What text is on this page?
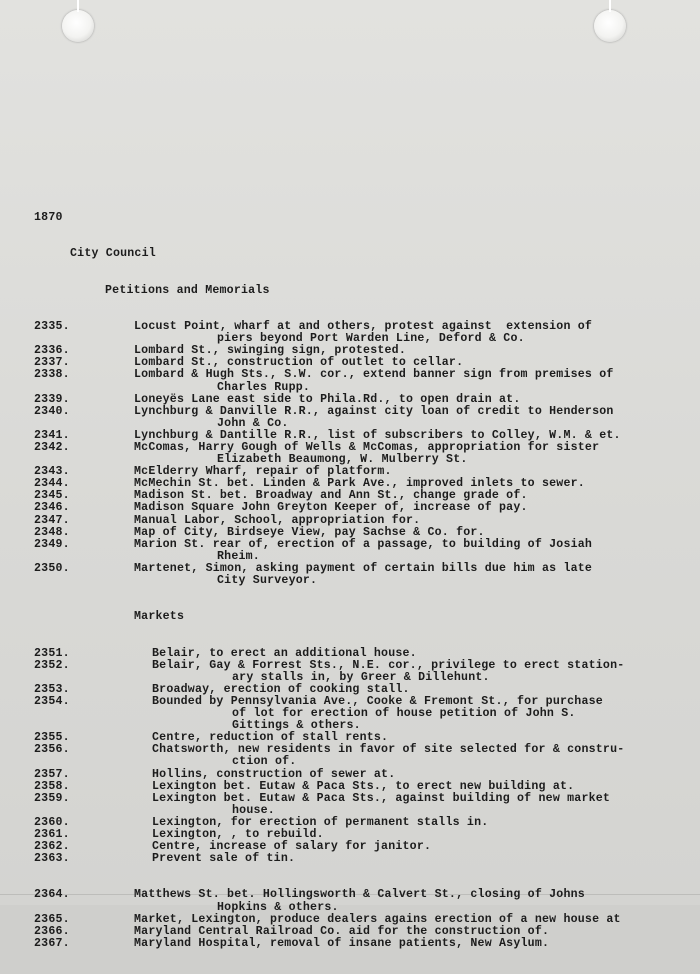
1870

City Council

Petitions and Memorials

2335.	Locust Point, wharf at and others, protest against  extension of
piers beyond Port Warden Line, Deford & Co.
2336.	Lombard St., swinging sign, protested.
2337.	Lombard St., construction of outlet to cellar.
2338.	Lombard & Hugh Sts., S.W. cor., extend banner sign from premises of
Charles Rupp.
2339.	Loneyës Lane east side to Phila.Rd., to open drain at.
2340.	Lynchburg & Danville R.R., against city loan of credit to Henderson
John & Co.
2341.	Lynchburg & Dantille R.R., list of subscribers to Colley, W.M. & et.
2342.	McComas, Harry Gough of Wells & McComas, appropriation for sister
Elizabeth Beaumong, W. Mulberry St.
2343.	McElderry Wharf, repair of platform.
2344.	McMechin St. bet. Linden & Park Ave., improved inlets to sewer.
2345.	Madison St. bet. Broadway and Ann St., change grade of.
2346.	Madison Square John Greyton Keeper of, increase of pay.
2347.	Manual Labor, School, appropriation for.
2348.	Map of City, Birdseye View, pay Sachse & Co. for.
2349.	Marion St. rear of, erection of a passage, to building of Josiah
Rheim.
2350.	Martenet, Simon, asking payment of certain bills due him as late
City Surveyor.

Markets

2351.	Belair, to erect an additional house.
2352.	Belair, Gay & Forrest Sts., N.E. cor., privilege to erect station-
ary stalls in, by Greer & Dillehunt.
2353.	Broadway, erection of cooking stall.
2354.	Bounded by Pennsylvania Ave., Cooke & Fremont St., for purchase
of lot for erection of house petition of John S.
Gittings & others.
2355.	Centre, reduction of stall rents.
2356.	Chatsworth, new residents in favor of site selected for & constru-
ction of.
2357.	Hollins, construction of sewer at.
2358.	Lexington bet. Eutaw & Paca Sts., to erect new building at.
2359.	Lexington bet. Eutaw & Paca Sts., against building of new market
house.
2360.	Lexington, for erection of permanent stalls in.
2361.	Lexington, , to rebuild.
2362.	Centre, increase of salary for janitor.
2363.	Prevent sale of tin.

2364.	Matthews St. bet. Hollingsworth & Calvert St., closing of Johns
Hopkins & others.
2365.	Market, Lexington, produce dealers agains erection of a new house at
2366.	Maryland Central Railroad Co. aid for the construction of.
2367.	Maryland Hospital, removal of insane patients, New Asylum.
